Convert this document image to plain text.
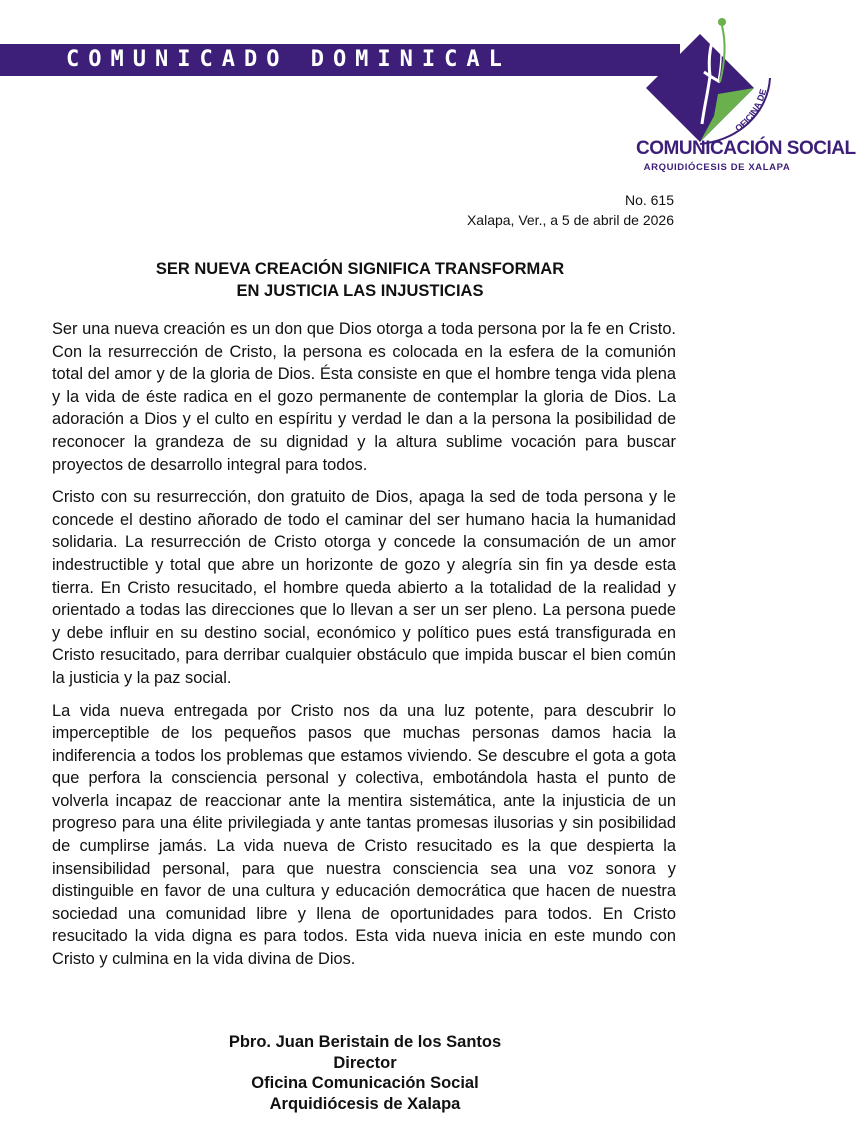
COMUNICADO DOMINICAL
OFICINA DE
COMUNICACIÓN SOCIAL
ARQUIDIÓCESIS DE XALAPA
No. 615
Xalapa, Ver., a 5 de abril de 2026
SER NUEVA CREACIÓN SIGNIFICA TRANSFORMAR
EN JUSTICIA LAS INJUSTICIAS

Ser una nueva creación es un don que Dios otorga a toda persona por la fe en Cristo. Con la resurrección de Cristo, la persona es colocada en la esfera de la comunión total del amor y de la gloria de Dios. Ésta consiste en que el hombre tenga vida plena y la vida de éste radica en el gozo permanente de contemplar la gloria de Dios. La adoración a Dios y el culto en espíritu y verdad le dan a la persona la posibilidad de reconocer la grandeza de su dignidad y la altura sublime vocación para buscar proyectos de desarrollo integral para todos.

Cristo con su resurrección, don gratuito de Dios, apaga la sed de toda persona y le concede el destino añorado de todo el caminar del ser humano hacia la humanidad solidaria. La resurrección de Cristo otorga y concede la consumación de un amor indestructible y total que abre un horizonte de gozo y alegría sin fin ya desde esta tierra. En Cristo resucitado, el hombre queda abierto a la totalidad de la realidad y orientado a todas las direcciones que lo llevan a ser un ser pleno. La persona puede y debe influir en su destino social, económico y político pues está transfigurada en Cristo resucitado, para derribar cualquier obstáculo que impida buscar el bien común la justicia y la paz social.

La vida nueva entregada por Cristo nos da una luz potente, para descubrir lo imperceptible de los pequeños pasos que muchas personas damos hacia la indiferencia a todos los problemas que estamos viviendo. Se descubre el gota a gota que perfora la consciencia personal y colectiva, embotándola hasta el punto de volverla incapaz de reaccionar ante la mentira sistemática, ante la injusticia de un progreso para una élite privilegiada y ante tantas promesas ilusorias y sin posibilidad de cumplirse jamás. La vida nueva de Cristo resucitado es la que despierta la insensibilidad personal, para que nuestra consciencia sea una voz sonora y distinguible en favor de una cultura y educación democrática que hacen de nuestra sociedad una comunidad libre y llena de oportunidades para todos. En Cristo resucitado la vida digna es para todos. Esta vida nueva inicia en este mundo con Cristo y culmina en la vida divina de Dios.

Pbro. Juan Beristain de los Santos
Director
Oficina Comunicación Social
Arquidiócesis de Xalapa
